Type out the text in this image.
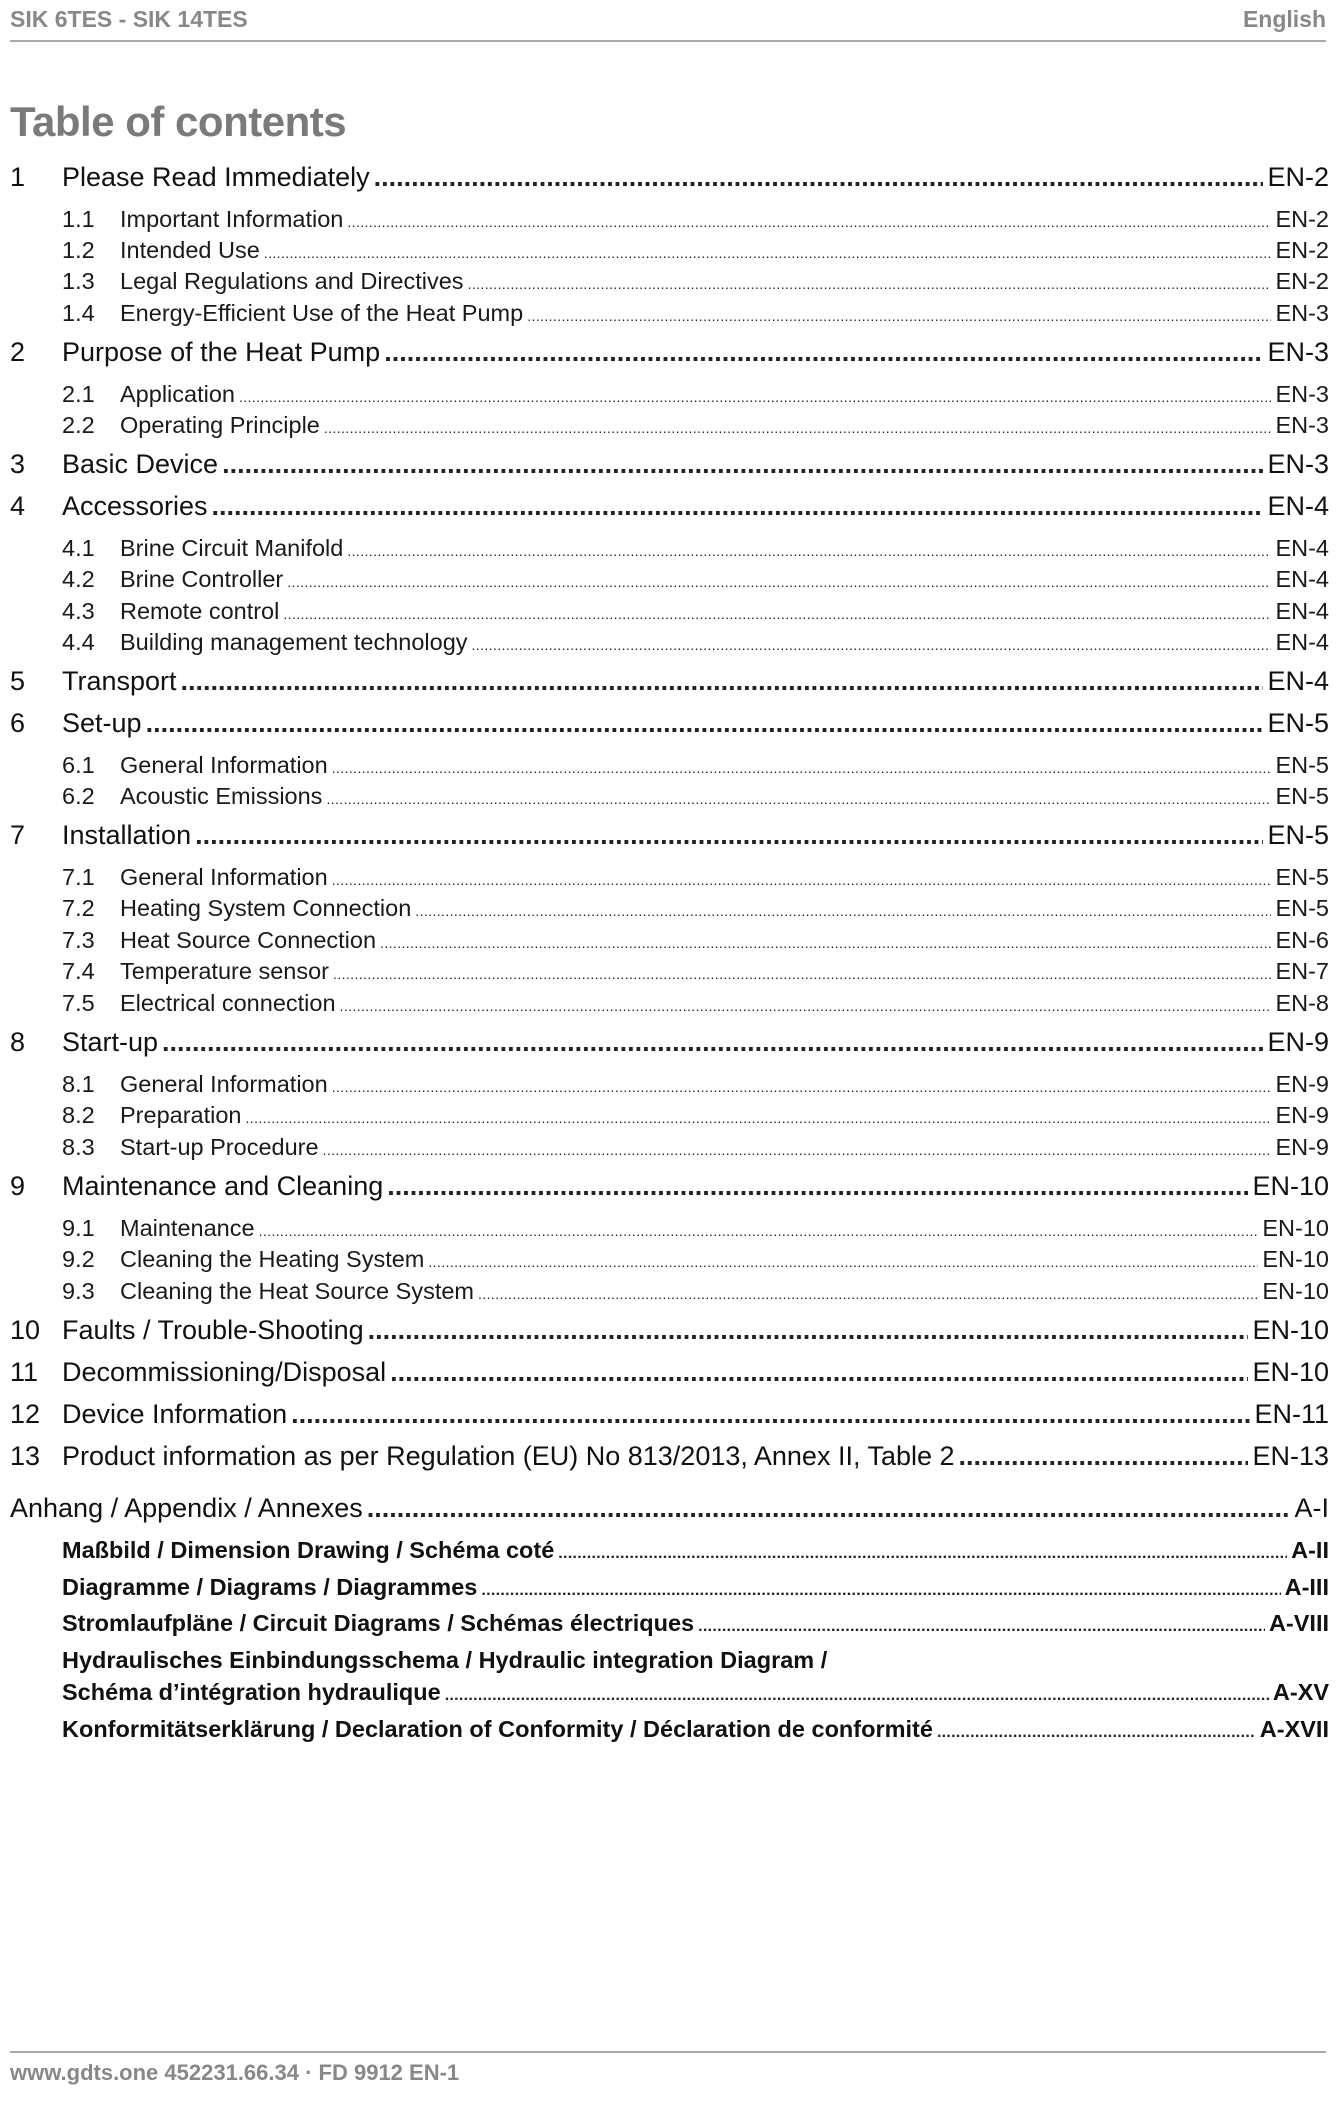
SIK 6TES - SIK 14TES	English
Table of contents
1	Please Read Immediately .....	EN-2
1.1	Important Information .....	EN-2
1.2	Intended Use .....	EN-2
1.3	Legal Regulations and Directives .....	EN-2
1.4	Energy-Efficient Use of the Heat Pump .....	EN-3
2	Purpose of the Heat Pump .....	EN-3
2.1	Application .....	EN-3
2.2	Operating Principle .....	EN-3
3	Basic Device .....	EN-3
4	Accessories .....	EN-4
4.1	Brine Circuit Manifold .....	EN-4
4.2	Brine Controller .....	EN-4
4.3	Remote control .....	EN-4
4.4	Building management technology .....	EN-4
5	Transport .....	EN-4
6	Set-up .....	EN-5
6.1	General Information .....	EN-5
6.2	Acoustic Emissions .....	EN-5
7	Installation .....	EN-5
7.1	General Information .....	EN-5
7.2	Heating System Connection .....	EN-5
7.3	Heat Source Connection .....	EN-6
7.4	Temperature sensor .....	EN-7
7.5	Electrical connection .....	EN-8
8	Start-up .....	EN-9
8.1	General Information .....	EN-9
8.2	Preparation .....	EN-9
8.3	Start-up Procedure .....	EN-9
9	Maintenance and Cleaning .....	EN-10
9.1	Maintenance .....	EN-10
9.2	Cleaning the Heating System .....	EN-10
9.3	Cleaning the Heat Source System .....	EN-10
10 Faults / Trouble-Shooting .....	EN-10
11 Decommissioning/Disposal .....	EN-10
12 Device Information .....	EN-11
13 Product information as per Regulation (EU) No 813/2013, Annex II, Table 2 .....	EN-13
Anhang / Appendix / Annexes .....	A-I
Maßbild / Dimension Drawing / Schéma coté .....	A-II
Diagramme / Diagrams / Diagrammes .....	A-III
Stromlaufpläne / Circuit Diagrams / Schémas électriques .....	A-VIII
Hydraulisches Einbindungsschema / Hydraulic integration Diagram /
Schéma d’intégration hydraulique .....	A-XV
Konformitätserklärung / Declaration of Conformity / Déclaration de conformité .....	A-XVII
www.gdts.one 452231.66.34 · FD 9912 EN-1
